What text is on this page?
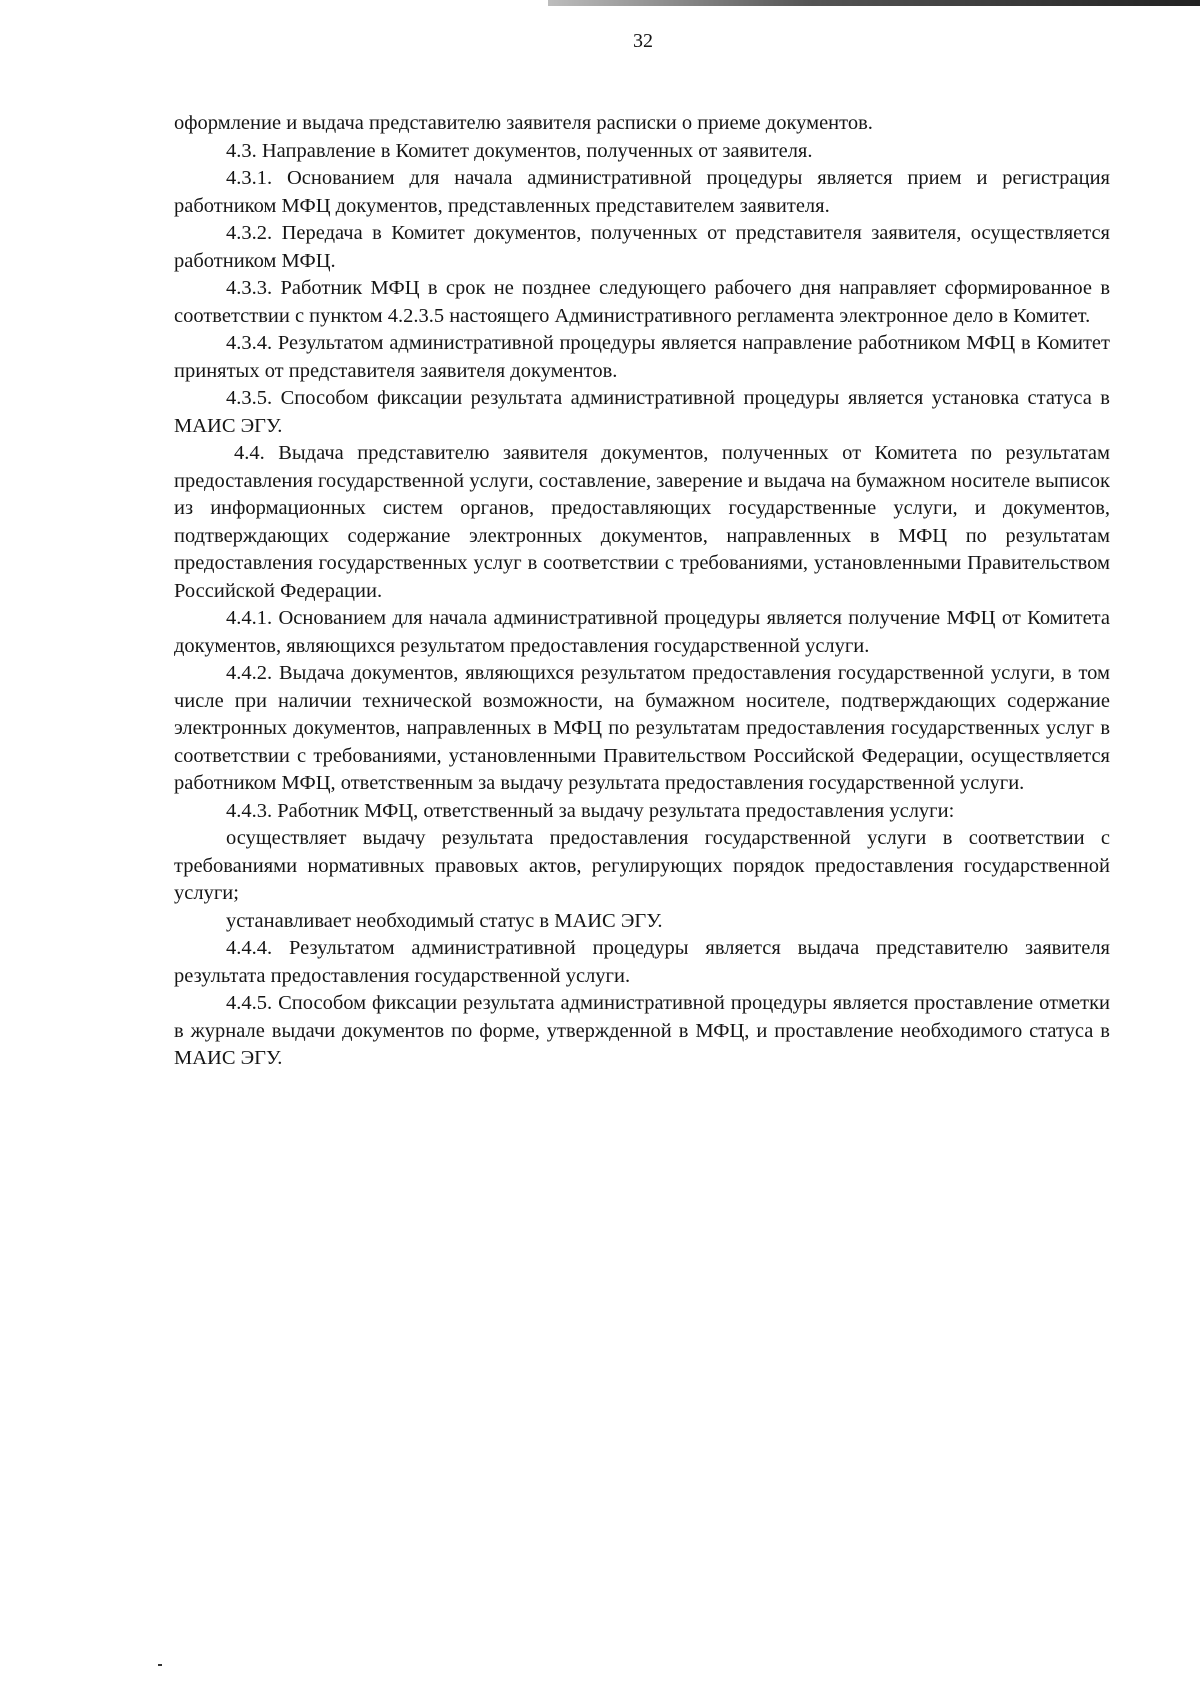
32

оформление и выдача представителю заявителя расписки о приеме документов.

4.3. Направление в Комитет документов, полученных от заявителя.

4.3.1. Основанием для начала административной процедуры является прием и регистрация работником МФЦ документов, представленных представителем заявителя.

4.3.2. Передача в Комитет документов, полученных от представителя заявителя, осуществляется работником МФЦ.

4.3.3. Работник МФЦ в срок не позднее следующего рабочего дня направляет сформированное в соответствии с пунктом 4.2.3.5 настоящего Административного регламента электронное дело в Комитет.

4.3.4. Результатом административной процедуры является направление работником МФЦ в Комитет принятых от представителя заявителя документов.

4.3.5. Способом фиксации результата административной процедуры является установка статуса в МАИС ЭГУ.

4.4. Выдача представителю заявителя документов, полученных от Комитета по результатам предоставления государственной услуги, составление, заверение и выдача на бумажном носителе выписок из информационных систем органов, предоставляющих государственные услуги, и документов, подтверждающих содержание электронных документов, направленных в МФЦ по результатам предоставления государственных услуг в соответствии с требованиями, установленными Правительством Российской Федерации.

4.4.1. Основанием для начала административной процедуры является получение МФЦ от Комитета документов, являющихся результатом предоставления государственной услуги.

4.4.2. Выдача документов, являющихся результатом предоставления государственной услуги, в том числе при наличии технической возможности, на бумажном носителе, подтверждающих содержание электронных документов, направленных в МФЦ по результатам предоставления государственных услуг в соответствии с требованиями, установленными Правительством Российской Федерации, осуществляется работником МФЦ, ответственным за выдачу результата предоставления государственной услуги.

4.4.3. Работник МФЦ, ответственный за выдачу результата предоставления услуги:

осуществляет выдачу результата предоставления государственной услуги в соответствии с требованиями нормативных правовых актов, регулирующих порядок предоставления государственной услуги;

устанавливает необходимый статус в МАИС ЭГУ.

4.4.4. Результатом административной процедуры является выдача представителю заявителя результата предоставления государственной услуги.

4.4.5. Способом фиксации результата административной процедуры является проставление отметки в журнале выдачи документов по форме, утвержденной в МФЦ, и проставление необходимого статуса в МАИС ЭГУ.
